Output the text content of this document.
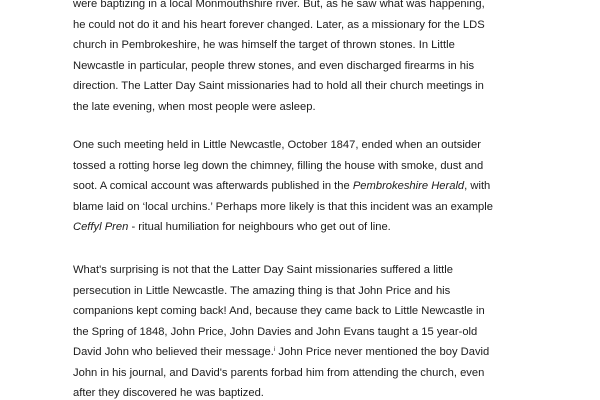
were baptizing in a local Monmouthshire river. But, as he saw what was happening,
he could not do it and his heart forever changed. Later, as a missionary for the LDS
church in Pembrokeshire, he was himself the target of thrown stones. In Little
Newcastle in particular, people threw stones, and even discharged firearms in his
direction. The Latter Day Saint missionaries had to hold all their church meetings in
the late evening, when most people were asleep.

One such meeting held in Little Newcastle, October 1847, ended when an outsider
tossed a rotting horse leg down the chimney, filling the house with smoke, dust and
soot. A comical account was afterwards published in the Pembrokeshire Herald, with
blame laid on ‘local urchins.’ Perhaps more likely is that this incident was an example
Ceffyl Pren - ritual humiliation for neighbours who get out of line.

What's surprising is not that the Latter Day Saint missionaries suffered a little
persecution in Little Newcastle. The amazing thing is that John Price and his
companions kept coming back! And, because they came back to Little Newcastle in
the Spring of 1848, John Price, John Davies and John Evans taught a 15 year-old
David John who believed their message.$^i$ John Price never mentioned the boy David
John in his journal, and David's parents forbad him from attending the church, even
after they discovered he was baptized.
